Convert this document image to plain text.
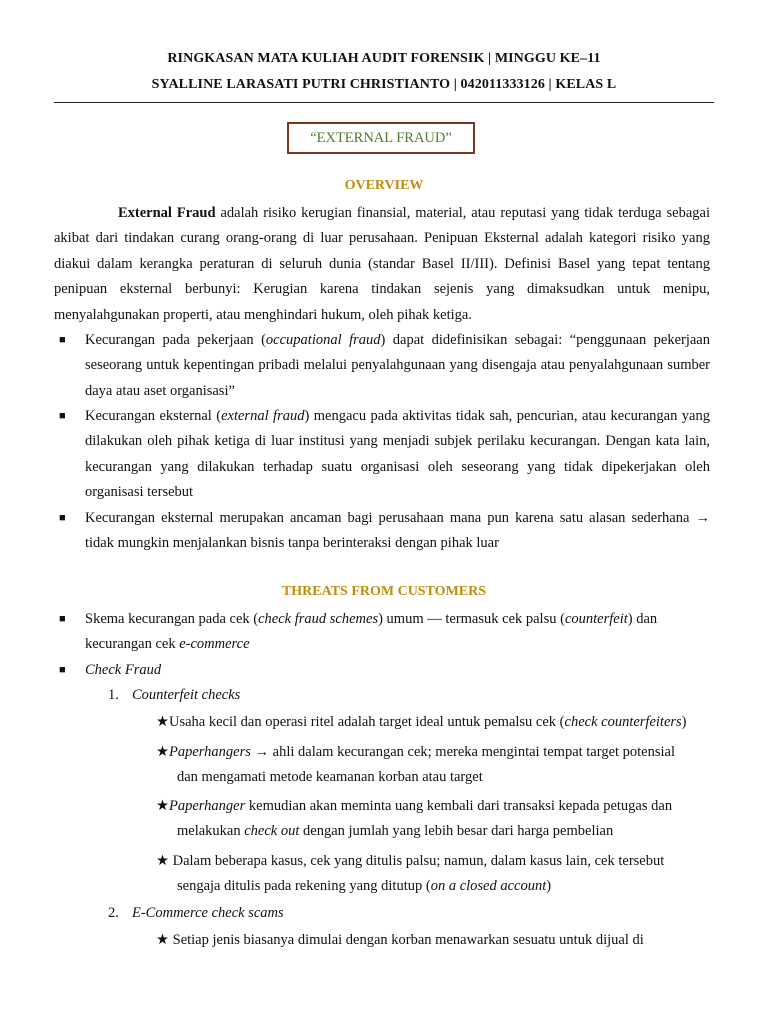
RINGKASAN MATA KULIAH AUDIT FORENSIK | MINGGU KE–11
SYALLINE LARASATI PUTRI CHRISTIANTO | 042011333126 | KELAS L
“EXTERNAL FRAUD”
OVERVIEW
External Fraud adalah risiko kerugian finansial, material, atau reputasi yang tidak terduga sebagai akibat dari tindakan curang orang-orang di luar perusahaan. Penipuan Eksternal adalah kategori risiko yang diakui dalam kerangka peraturan di seluruh dunia (standar Basel II/III). Definisi Basel yang tepat tentang penipuan eksternal berbunyi: Kerugian karena tindakan sejenis yang dimaksudkan untuk menipu, menyalahgunakan properti, atau menghindari hukum, oleh pihak ketiga.
■ Kecurangan pada pekerjaan (occupational fraud) dapat didefinisikan sebagai: “penggunaan pekerjaan seseorang untuk kepentingan pribadi melalui penyalahgunaan yang disengaja atau penyalahgunaan sumber daya atau aset organisasi”
■ Kecurangan eksternal (external fraud) mengacu pada aktivitas tidak sah, pencurian, atau kecurangan yang dilakukan oleh pihak ketiga di luar institusi yang menjadi subjek perilaku kecurangan. Dengan kata lain, kecurangan yang dilakukan terhadap suatu organisasi oleh seseorang yang tidak dipekerjakan oleh organisasi tersebut
■ Kecurangan eksternal merupakan ancaman bagi perusahaan mana pun karena satu alasan sederhana → tidak mungkin menjalankan bisnis tanpa berinteraksi dengan pihak luar
THREATS FROM CUSTOMERS
■ Skema kecurangan pada cek (check fraud schemes) umum — termasuk cek palsu (counterfeit) dan kecurangan cek e-commerce
■ Check Fraud
1. Counterfeit checks
★Usaha kecil dan operasi ritel adalah target ideal untuk pemalsu cek (check counterfeiters)
★Paperhangers → ahli dalam kecurangan cek; mereka mengintai tempat target potensial
dan mengamati metode keamanan korban atau target
★Paperhanger kemudian akan meminta uang kembali dari transaksi kepada petugas dan
melakukan check out dengan jumlah yang lebih besar dari harga pembelian
★ Dalam beberapa kasus, cek yang ditulis palsu; namun, dalam kasus lain, cek tersebut
sengaja ditulis pada rekening yang ditutup (on a closed account)
2. E-Commerce check scams
★ Setiap jenis biasanya dimulai dengan korban menawarkan sesuatu untuk dijual di
